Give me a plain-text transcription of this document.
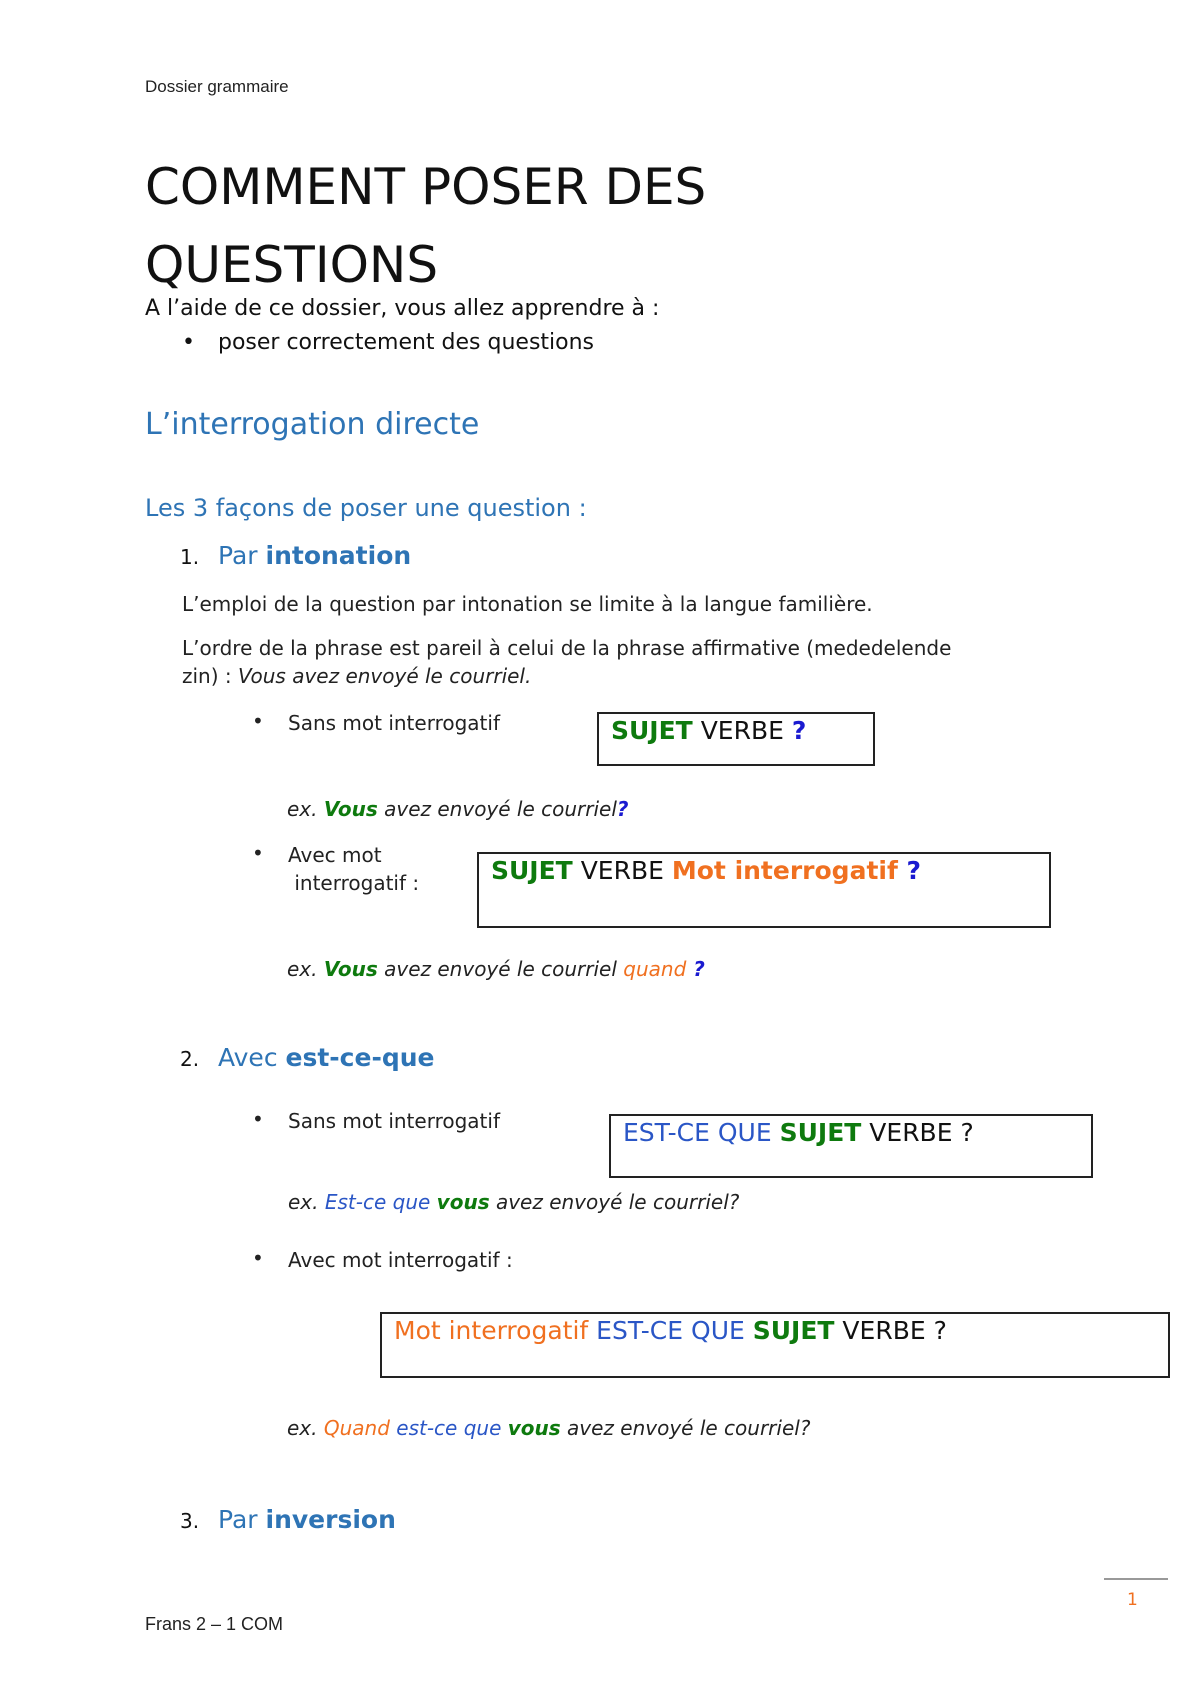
Dossier grammaire
COMMENT POSER DES
QUESTIONS

A l’aide de ce dossier, vous allez apprendre à :

• poser correctement des questions
L’interrogation directe
Les 3 façons de poser une question :
1. Par intonation

L’emploi de la question par intonation se limite à la langue familière.

L’ordre de la phrase est pareil à celui de la phrase affirmative (mededelende
zin) : Vous avez envoyé le courriel.

• Sans mot interrogatif	SUJET VERBE ?
ex. Vous avez envoyé le courriel?
• Avec mot
interrogatif :	SUJET VERBE Mot interrogatif ?
ex. Vous avez envoyé le courriel quand ?
2. Avec est-ce-que
• Sans mot interrogatif	EST-CE QUE SUJET VERBE ?
ex. Est-ce que vous avez envoyé le courriel?
• Avec mot interrogatif :
Mot interrogatif EST-CE QUE SUJET VERBE ?
ex. Quand est-ce que vous avez envoyé le courriel?
3. Par inversion
1
Frans 2 – 1 COM
